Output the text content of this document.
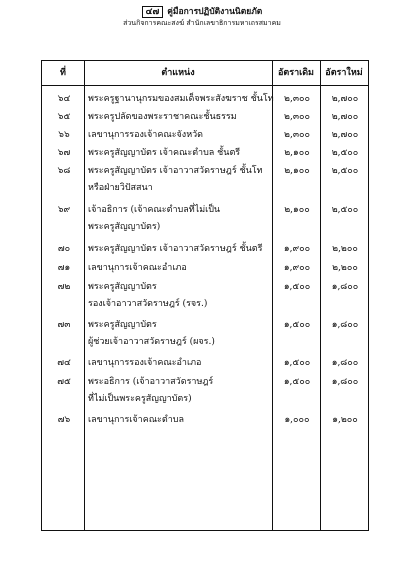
๔๗ คู่มือการปฏิบัติงานนิตยภัต
ส่วนกิจการคณะสงฆ์ สำนักเลขาธิการมหาเถรสมาคม
ที่	ตำแหน่ง	อัตราเดิม	อัตราใหม่
๖๔	พระครูฐานานุกรมของสมเด็จพระสังฆราช ชั้นโท	๒,๓๐๐	๒,๗๐๐
๖๕	พระครูปลัดของพระราชาคณะชั้นธรรม	๒,๓๐๐	๒,๗๐๐
๖๖	เลขานุการรองเจ้าคณะจังหวัด	๒,๓๐๐	๒,๗๐๐
๖๗	พระครูสัญญาบัตร เจ้าคณะตำบล ชั้นตรี	๒,๑๐๐	๒,๕๐๐
๖๘	พระครูสัญญาบัตร เจ้าอาวาสวัดราษฎร์ ชั้นโท
หรือฝ่ายวิปัสสนา
๒,๑๐๐	๒,๕๐๐
๖๙	เจ้าอธิการ (เจ้าคณะตำบลที่ไม่เป็น
พระครูสัญญาบัตร)
๒,๑๐๐	๒,๕๐๐
๗๐	พระครูสัญญาบัตร เจ้าอาวาสวัดราษฎร์ ชั้นตรี	๑,๙๐๐	๒,๒๐๐
๗๑	เลขานุการเจ้าคณะอำเภอ	๑,๙๐๐	๒,๒๐๐
๗๒	พระครูสัญญาบัตร
รองเจ้าอาวาสวัดราษฎร์ (รจร.)
๑,๕๐๐	๑,๘๐๐
๗๓	พระครูสัญญาบัตร
ผู้ช่วยเจ้าอาวาสวัดราษฎร์ (ผจร.)
๑,๕๐๐	๑,๘๐๐
๗๔	เลขานุการรองเจ้าคณะอำเภอ	๑,๕๐๐	๑,๘๐๐
๗๕	พระอธิการ (เจ้าอาวาสวัดราษฎร์
ที่ไม่เป็นพระครูสัญญาบัตร)
๑,๕๐๐	๑,๘๐๐
๗๖	เลขานุการเจ้าคณะตำบล	๑,๐๐๐	๑,๒๐๐
